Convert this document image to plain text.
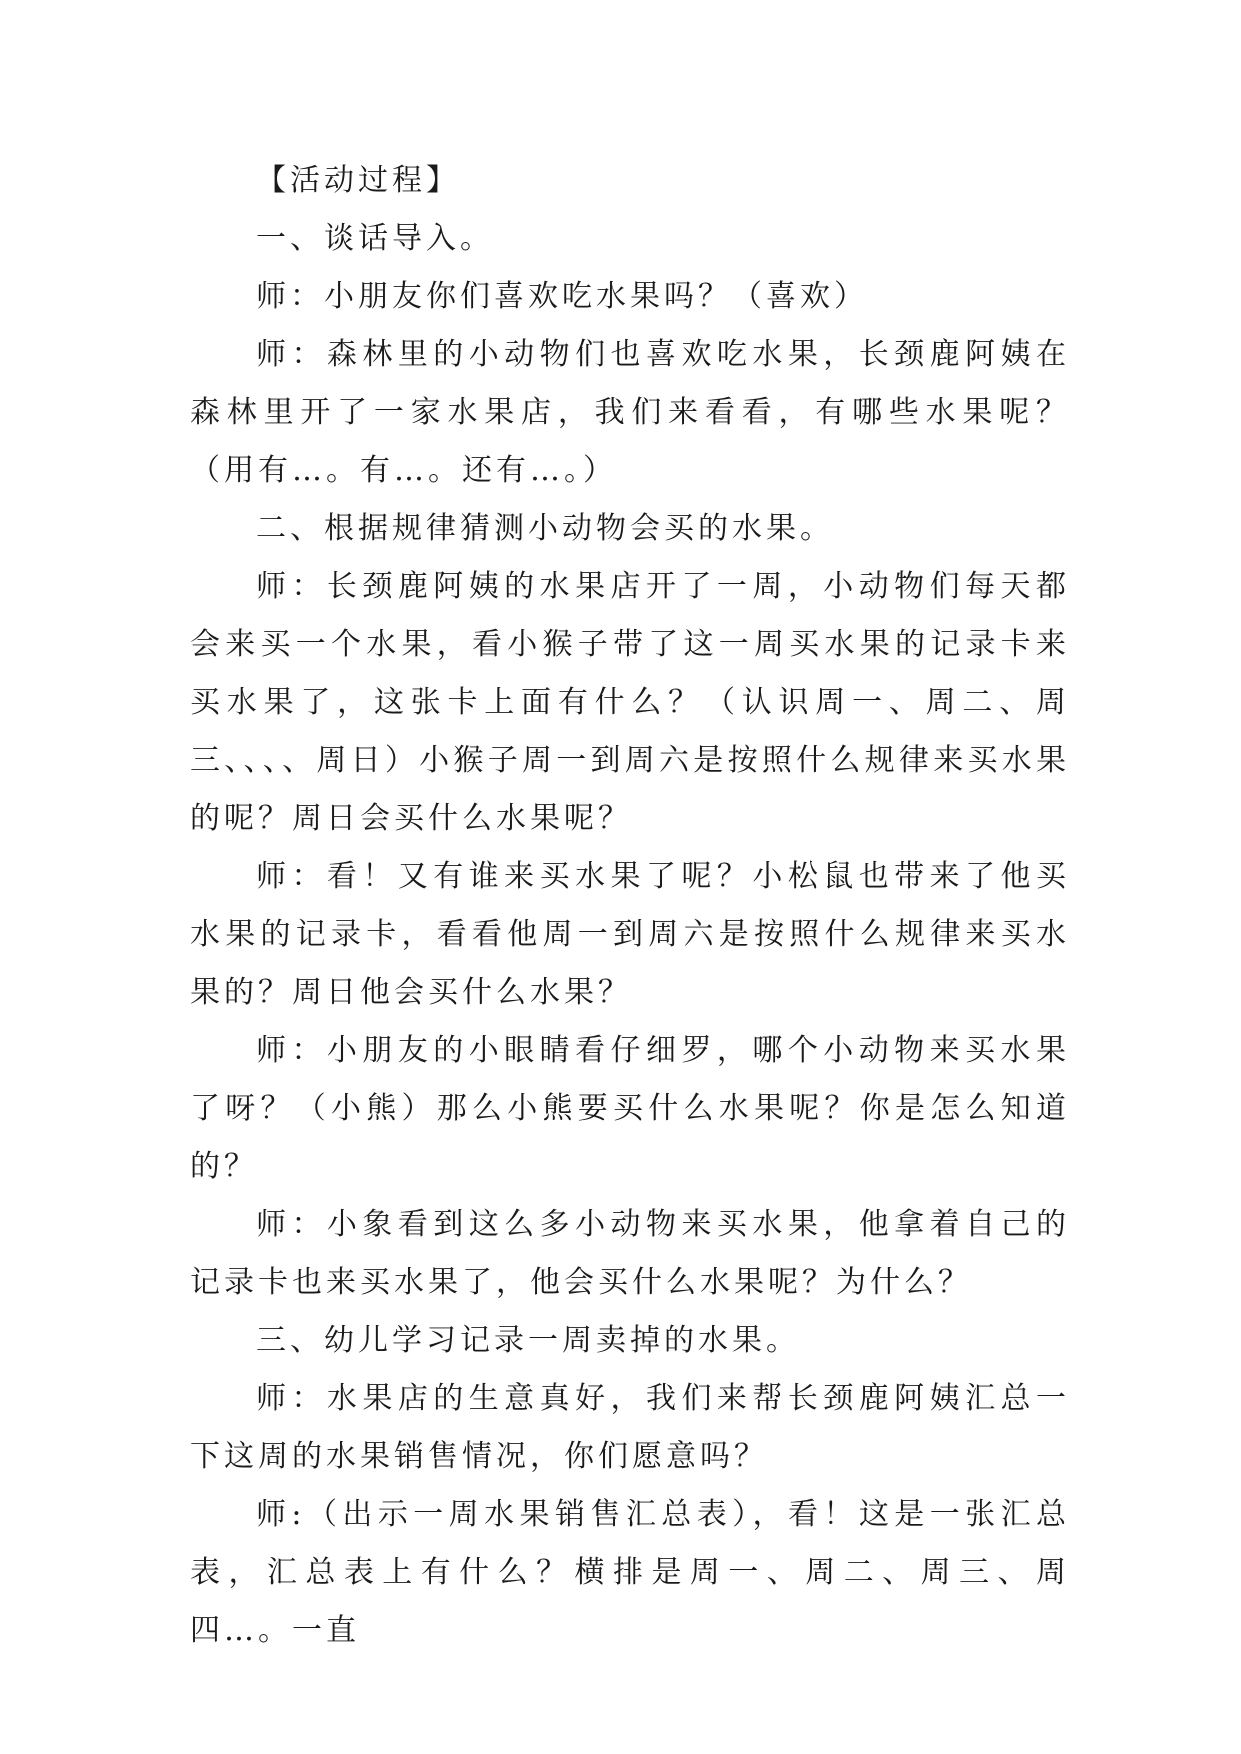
【活动过程】

一、谈话导入。

师：小朋友你们喜欢吃水果吗？（喜欢）

师：森林里的小动物们也喜欢吃水果，长颈鹿阿姨在森林里开了一家水果店，我们来看看，有哪些水果呢？（用有…。有…。还有…。）

二、根据规律猜测小动物会买的水果。

师：长颈鹿阿姨的水果店开了一周，小动物们每天都会来买一个水果，看小猴子带了这一周买水果的记录卡来买水果了，这张卡上面有什么？（认识周一、周二、周三、、、、周日）小猴子周一到周六是按照什么规律来买水果的呢？周日会买什么水果呢？

师：看！又有谁来买水果了呢？小松鼠也带来了他买水果的记录卡，看看他周一到周六是按照什么规律来买水果的？周日他会买什么水果？

师：小朋友的小眼睛看仔细罗，哪个小动物来买水果了呀？（小熊）那么小熊要买什么水果呢？你是怎么知道的？

师：小象看到这么多小动物来买水果，他拿着自己的记录卡也来买水果了，他会买什么水果呢？为什么？

三、幼儿学习记录一周卖掉的水果。

师：水果店的生意真好，我们来帮长颈鹿阿姨汇总一下这周的水果销售情况，你们愿意吗？

师:（出示一周水果销售汇总表），看！这是一张汇总表，汇总表上有什么？横排是周一、周二、周三、周四…。一直
